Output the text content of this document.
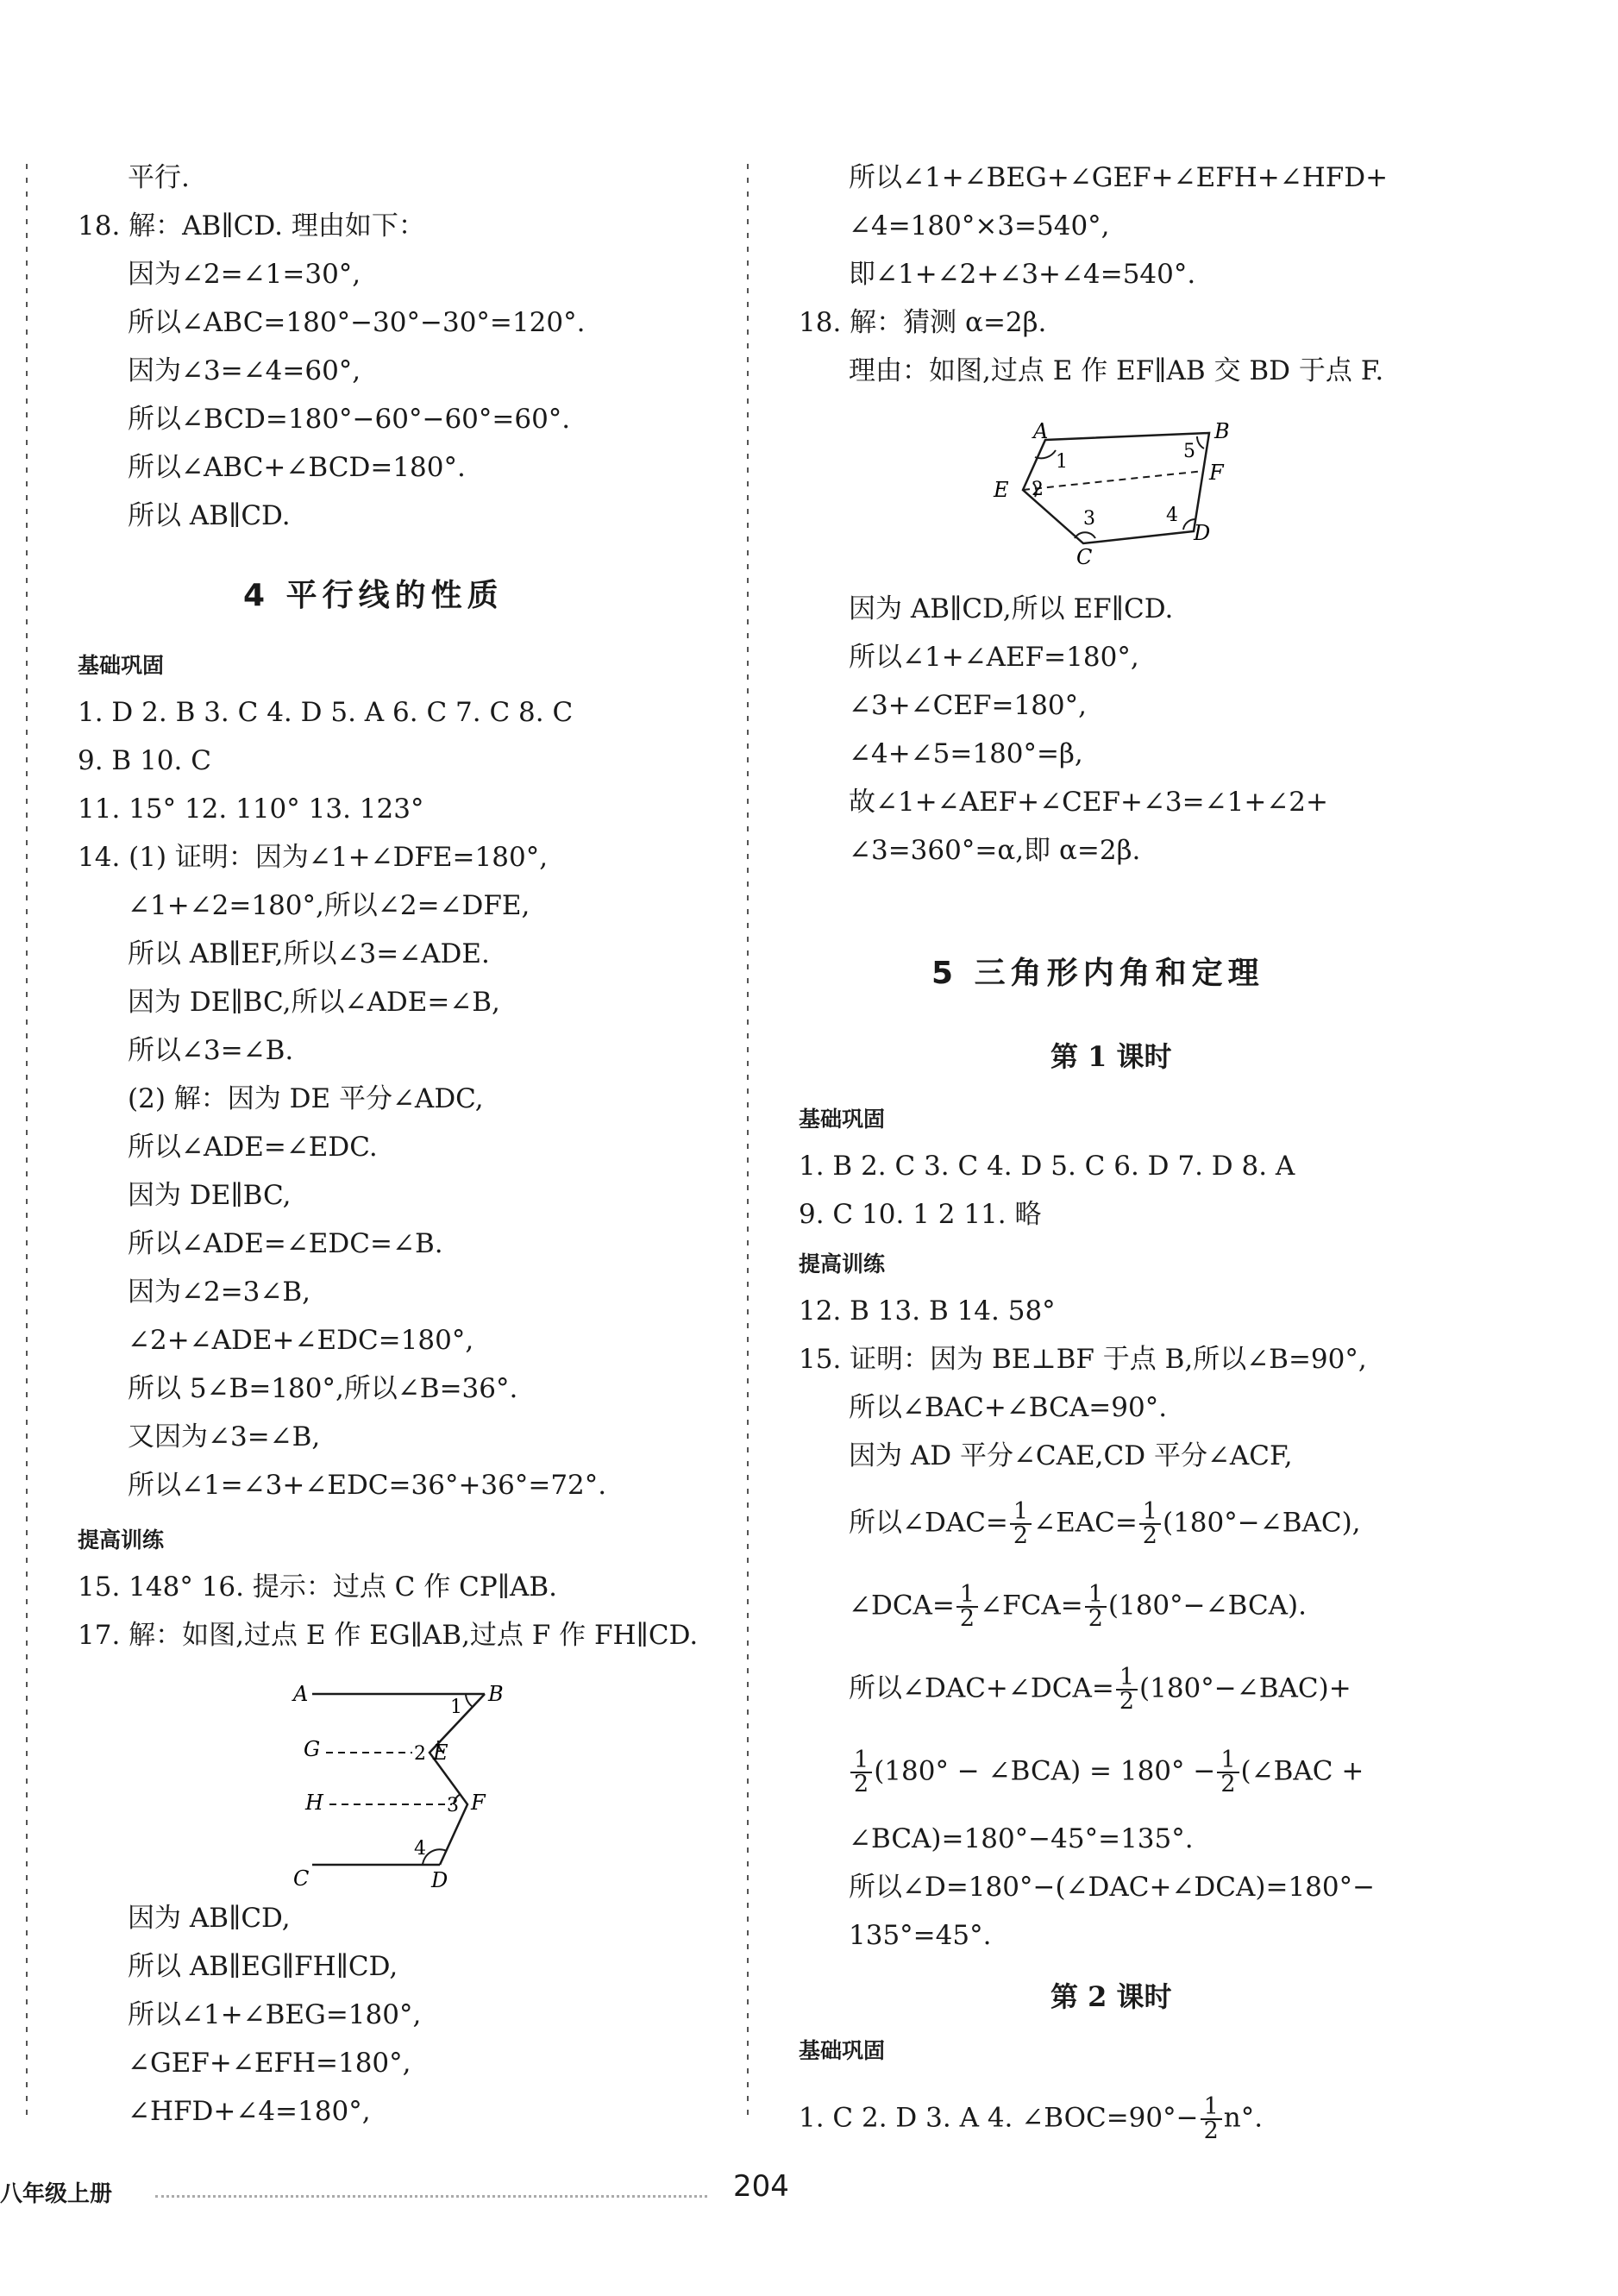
平行.
18. 解：AB∥CD. 理由如下：
因为∠2=∠1=30°,
所以∠ABC=180°−30°−30°=120°.
因为∠3=∠4=60°,
所以∠BCD=180°−60°−60°=60°.
所以∠ABC+∠BCD=180°.
所以 AB∥CD.
4 平行线的性质
基础巩固
1. D 2. B 3. C 4. D 5. A 6. C 7. C 8. C
9. B 10. C
11. 15° 12. 110° 13. 123°
14. (1) 证明：因为∠1+∠DFE=180°,
∠1+∠2=180°,所以∠2=∠DFE,
所以 AB∥EF,所以∠3=∠ADE.
因为 DE∥BC,所以∠ADE=∠B,
所以∠3=∠B.
(2) 解：因为 DE 平分∠ADC,
所以∠ADE=∠EDC.
因为 DE∥BC,
所以∠ADE=∠EDC=∠B.
因为∠2=3∠B,
∠2+∠ADE+∠EDC=180°,
所以 5∠B=180°,所以∠B=36°.
又因为∠3=∠B,
所以∠1=∠3+∠EDC=36°+36°=72°.
提高训练
15. 148° 16. 提示：过点 C 作 CP∥AB.
17. 解：如图,过点 E 作 EG∥AB,过点 F 作 FH∥CD.
A	B
G	E
H	F
C	D
1
2
3
4
因为 AB∥CD,
所以 AB∥EG∥FH∥CD,
所以∠1+∠BEG=180°,
∠GEF+∠EFH=180°,
∠HFD+∠4=180°,
所以∠1+∠BEG+∠GEF+∠EFH+∠HFD+
∠4=180°×3=540°,
即∠1+∠2+∠3+∠4=540°.
18. 解：猜测 α=2β.
理由：如图,过点 E 作 EF∥AB 交 BD 于点 F.
A	B
D
C
E
F
1
2
3	4
5
因为 AB∥CD,所以 EF∥CD.
所以∠1+∠AEF=180°,
∠3+∠CEF=180°,
∠4+∠5=180°=β,
故∠1+∠AEF+∠CEF+∠3=∠1+∠2+
∠3=360°=α,即 α=2β.
5 三角形内角和定理
第 1 课时
基础巩固
1. B 2. C 3. C 4. D 5. C 6. D 7. D 8. A
9. C 10. 1 2 11. 略
提高训练
12. B 13. B 14. 58°
15. 证明：因为 BE⊥BF 于点 B,所以∠B=90°,
所以∠BAC+∠BCA=90°.
因为 AD 平分∠CAE,CD 平分∠ACF,
所以∠DAC= $\frac{1}{2}$ ∠EAC= $\frac{1}{2}$ (180°−∠BAC),
∠DCA= $\frac{1}{2}$ ∠FCA= $\frac{1}{2}$ (180°−∠BCA).
所以∠DAC+∠DCA= $\frac{1}{2}$ (180°−∠BAC)+
$\frac{1}{2} (180^\circ$ − ∠BCA) = $180^\circ - \frac{1}{2}$ (∠BAC +
∠BCA)=180°−45°=135°.
所以∠D=180°−(∠DAC+∠DCA)=180°−
135°=45°.
第 2 课时
基础巩固
1. C 2. D 3. A 4. ∠BOC=90°− $\frac{1}{2} n^\circ$.
八年级上册	204
